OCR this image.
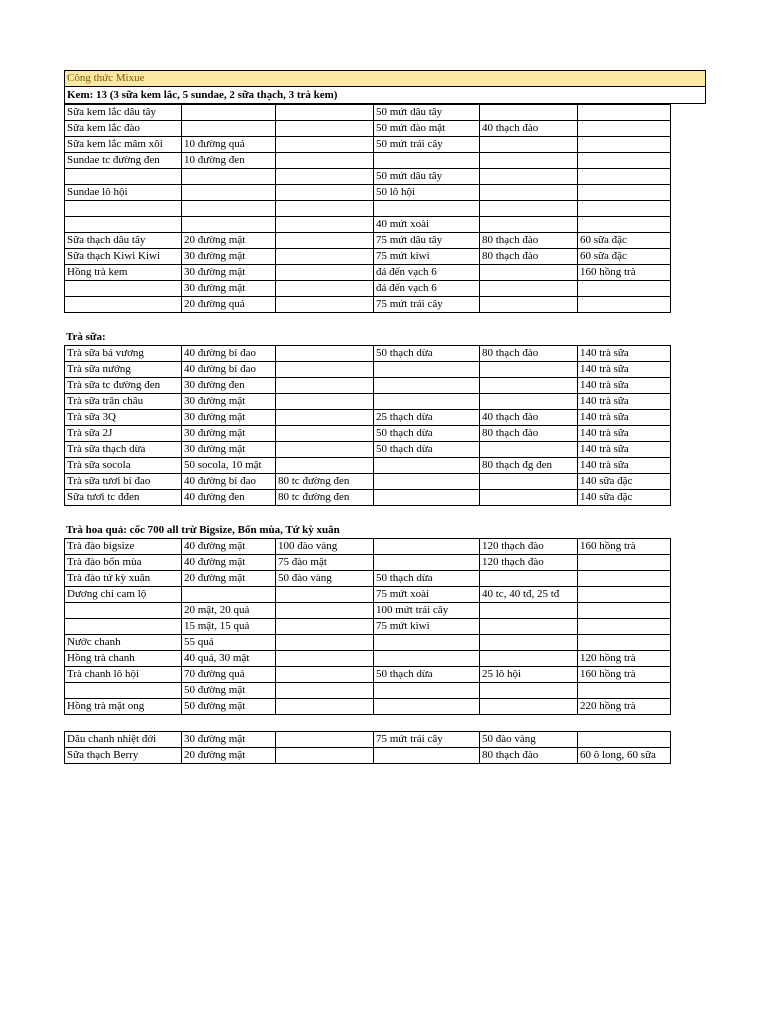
Công thức Mixue
Kem: 13 (3 sữa kem lắc, 5 sundae, 2 sữa thạch, 3 trà kem)
Sữa kem lắc dâu tây			50 mứt dâu tây		
Sữa kem lắc đào			50 mứt đào mật	40 thạch đào	
Sữa kem lắc mâm xôi	10 đường quả		50 mứt trái cây		
Sundae tc đường đen	10 đường đen				
			50 mứt dâu tây		
Sundae lô hội			50 lô hội		

			40 mứt xoài		
Sữa thạch dâu tây	20 đường mật		75 mứt dâu tây	80 thạch đào	60 sữa đặc
Sữa thạch Kiwi Kiwi	30 đường mật		75 mứt kiwi	80 thạch đào	60 sữa đặc
Hồng trà kem	30 đường mật		đá đến vạch 6		160 hồng trà
	30 đường mật		đá đến vạch 6		
	20 đường quả		75 mứt trái cây		
Trà sữa:
Trà sữa bá vương	40 đường bí đao		50 thạch dừa	80 thạch đào	140 trà sữa
Trà sữa nướng	40 đường bí đao				140 trà sữa
Trà sữa tc đường đen	30 đường đen				140 trà sữa
Trà sữa trân châu	30 đường mật				140 trà sữa
Trà sữa 3Q	30 đường mật		25 thạch dừa	40 thạch đào	140 trà sữa
Trà sữa 2J	30 đường mật		50 thạch dừa	80 thạch đào	140 trà sữa
Trà sữa thạch dừa	30 đường mật		50 thạch dừa		140 trà sữa
Trà sữa socola	50 socola, 10 mật			80 thạch đg đen	140 trà sữa
Trà sữa tươi bí đao	40 đường bí đao	80 tc đường đen			140 sữa đặc
Sữa tươi tc đđen	40 đường đen	80 tc đường đen			140 sữa đặc
Trà hoa quả: cốc 700 all trừ Bigsize, Bốn mùa, Tứ kỳ xuân
Trà đào bigsize	40 đường mật	100 đào vàng		120 thạch đào	160 hồng trà
Trà đào bốn mùa	40 đường mật	75 đào mật		120 thạch đào	
Trà đào tứ kỳ xuân	20 đường mật	50 đào vàng	50 thạch dừa		
Dương chi cam lộ			75 mứt xoài	40 tc, 40 tđ, 25 tđ	
	20 mật, 20 quả		100 mứt trái cây		
	15 mật, 15 quả		75 mứt kiwi		
Nước chanh	55 quả				
Hồng trà chanh	40 quả, 30 mật				120 hồng trà
Trà chanh lô hội	70 đường quả		50 thạch dừa	25 lô hội	160 hồng trà
	50 đường mật				
Hồng trà mật ong	50 đường mật				220 hồng trà
Dâu chanh nhiệt đới	30 đường mật		75 mứt trái cây	50 đào vàng	
Sữa thạch Berry	20 đường mật			80 thạch đào	60 ô long, 60 sữa
